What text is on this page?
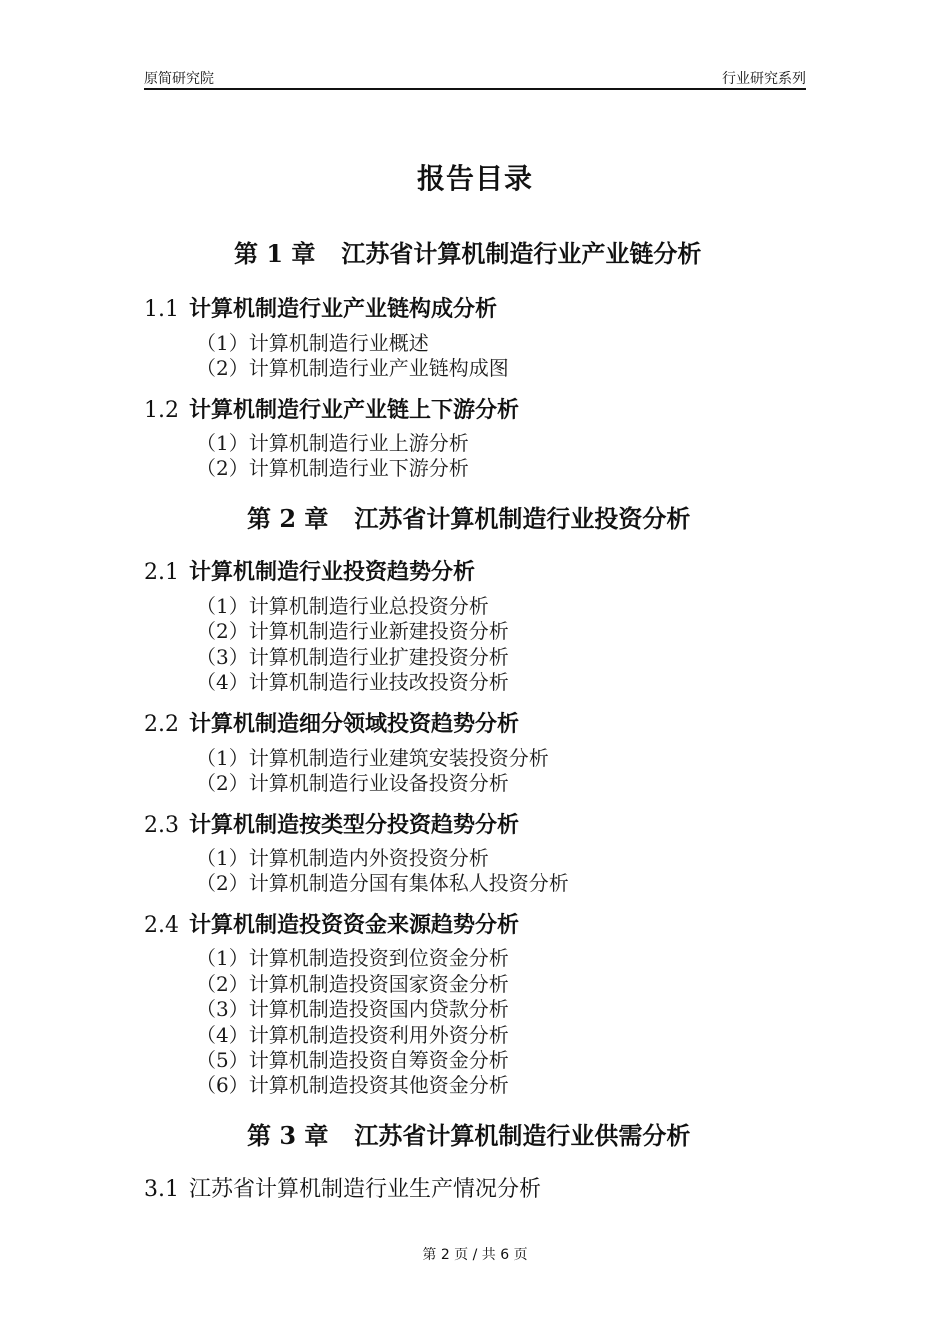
原简研究院	行业研究系列
报告目录
第 1 章 江苏省计算机制造行业产业链分析
1.1 计算机制造行业产业链构成分析
（1）计算机制造行业概述
（2）计算机制造行业产业链构成图
1.2 计算机制造行业产业链上下游分析
（1）计算机制造行业上游分析
（2）计算机制造行业下游分析
第 2 章 江苏省计算机制造行业投资分析
2.1 计算机制造行业投资趋势分析
（1）计算机制造行业总投资分析
（2）计算机制造行业新建投资分析
（3）计算机制造行业扩建投资分析
（4）计算机制造行业技改投资分析
2.2 计算机制造细分领域投资趋势分析
（1）计算机制造行业建筑安装投资分析
（2）计算机制造行业设备投资分析
2.3 计算机制造按类型分投资趋势分析
（1）计算机制造内外资投资分析
（2）计算机制造分国有集体私人投资分析
2.4 计算机制造投资资金来源趋势分析
（1）计算机制造投资到位资金分析
（2）计算机制造投资国家资金分析
（3）计算机制造投资国内贷款分析
（4）计算机制造投资利用外资分析
（5）计算机制造投资自筹资金分析
（6）计算机制造投资其他资金分析
第 3 章 江苏省计算机制造行业供需分析
3.1 江苏省计算机制造行业生产情况分析
第 2 页 / 共 6 页
